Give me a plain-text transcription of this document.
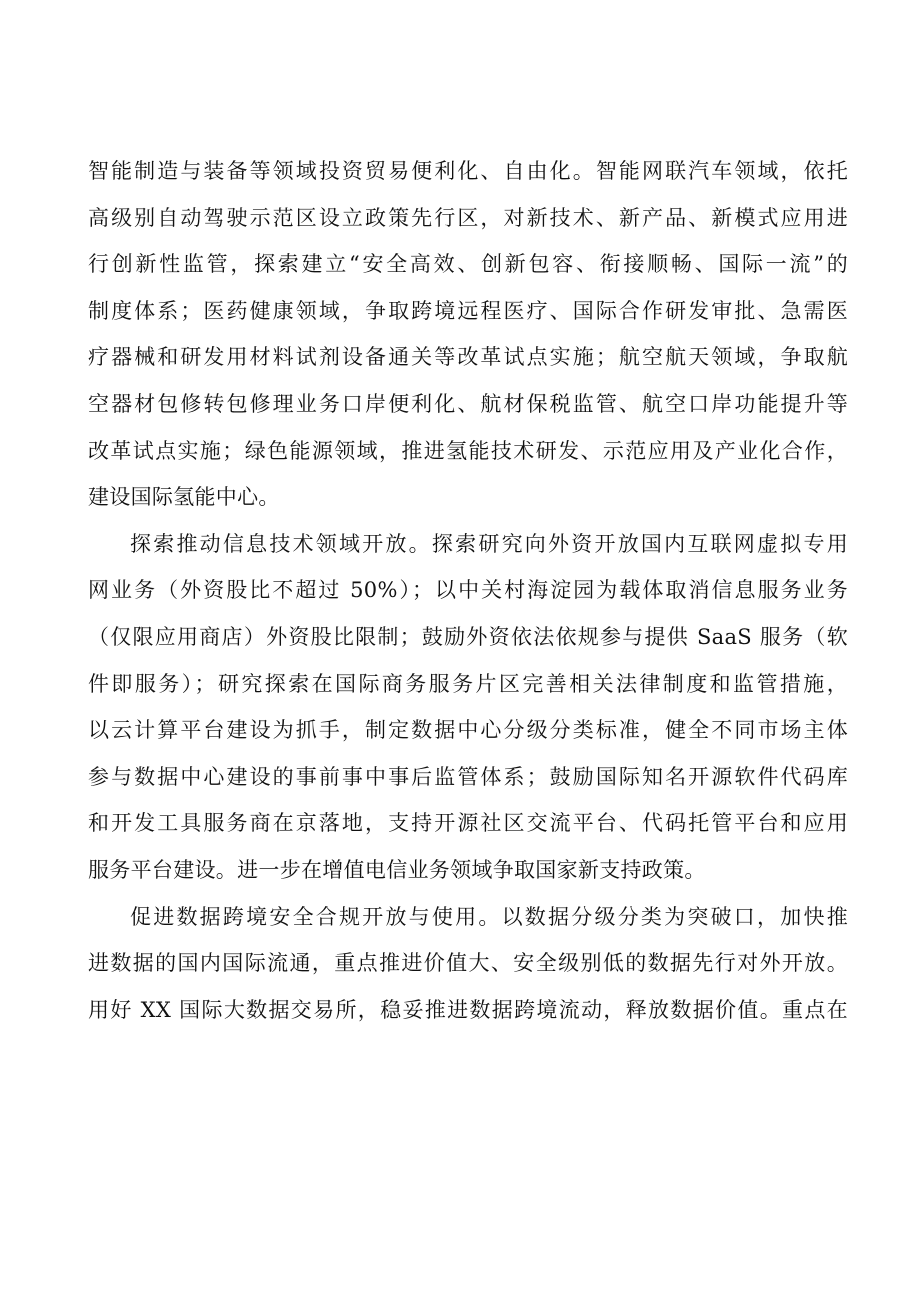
智能制造与装备等领域投资贸易便利化、自由化。智能网联汽车领域，依托
高级别自动驾驶示范区设立政策先行区，对新技术、新产品、新模式应用进
行创新性监管，探索建立“安全高效、创新包容、衔接顺畅、国际一流”的
制度体系；医药健康领域，争取跨境远程医疗、国际合作研发审批、急需医
疗器械和研发用材料试剂设备通关等改革试点实施；航空航天领域，争取航
空器材包修转包修理业务口岸便利化、航材保税监管、航空口岸功能提升等
改革试点实施；绿色能源领域，推进氢能技术研发、示范应用及产业化合作，
建设国际氢能中心。
探索推动信息技术领域开放。探索研究向外资开放国内互联网虚拟专用
网业务（外资股比不超过 50%）；以中关村海淀园为载体取消信息服务业务
（仅限应用商店）外资股比限制；鼓励外资依法依规参与提供 SaaS 服务（软
件即服务）；研究探索在国际商务服务片区完善相关法律制度和监管措施，
以云计算平台建设为抓手，制定数据中心分级分类标准，健全不同市场主体
参与数据中心建设的事前事中事后监管体系；鼓励国际知名开源软件代码库
和开发工具服务商在京落地，支持开源社区交流平台、代码托管平台和应用
服务平台建设。进一步在增值电信业务领域争取国家新支持政策。
促进数据跨境安全合规开放与使用。以数据分级分类为突破口，加快推
进数据的国内国际流通，重点推进价值大、安全级别低的数据先行对外开放。
用好 XX 国际大数据交易所，稳妥推进数据跨境流动，释放数据价值。重点在
